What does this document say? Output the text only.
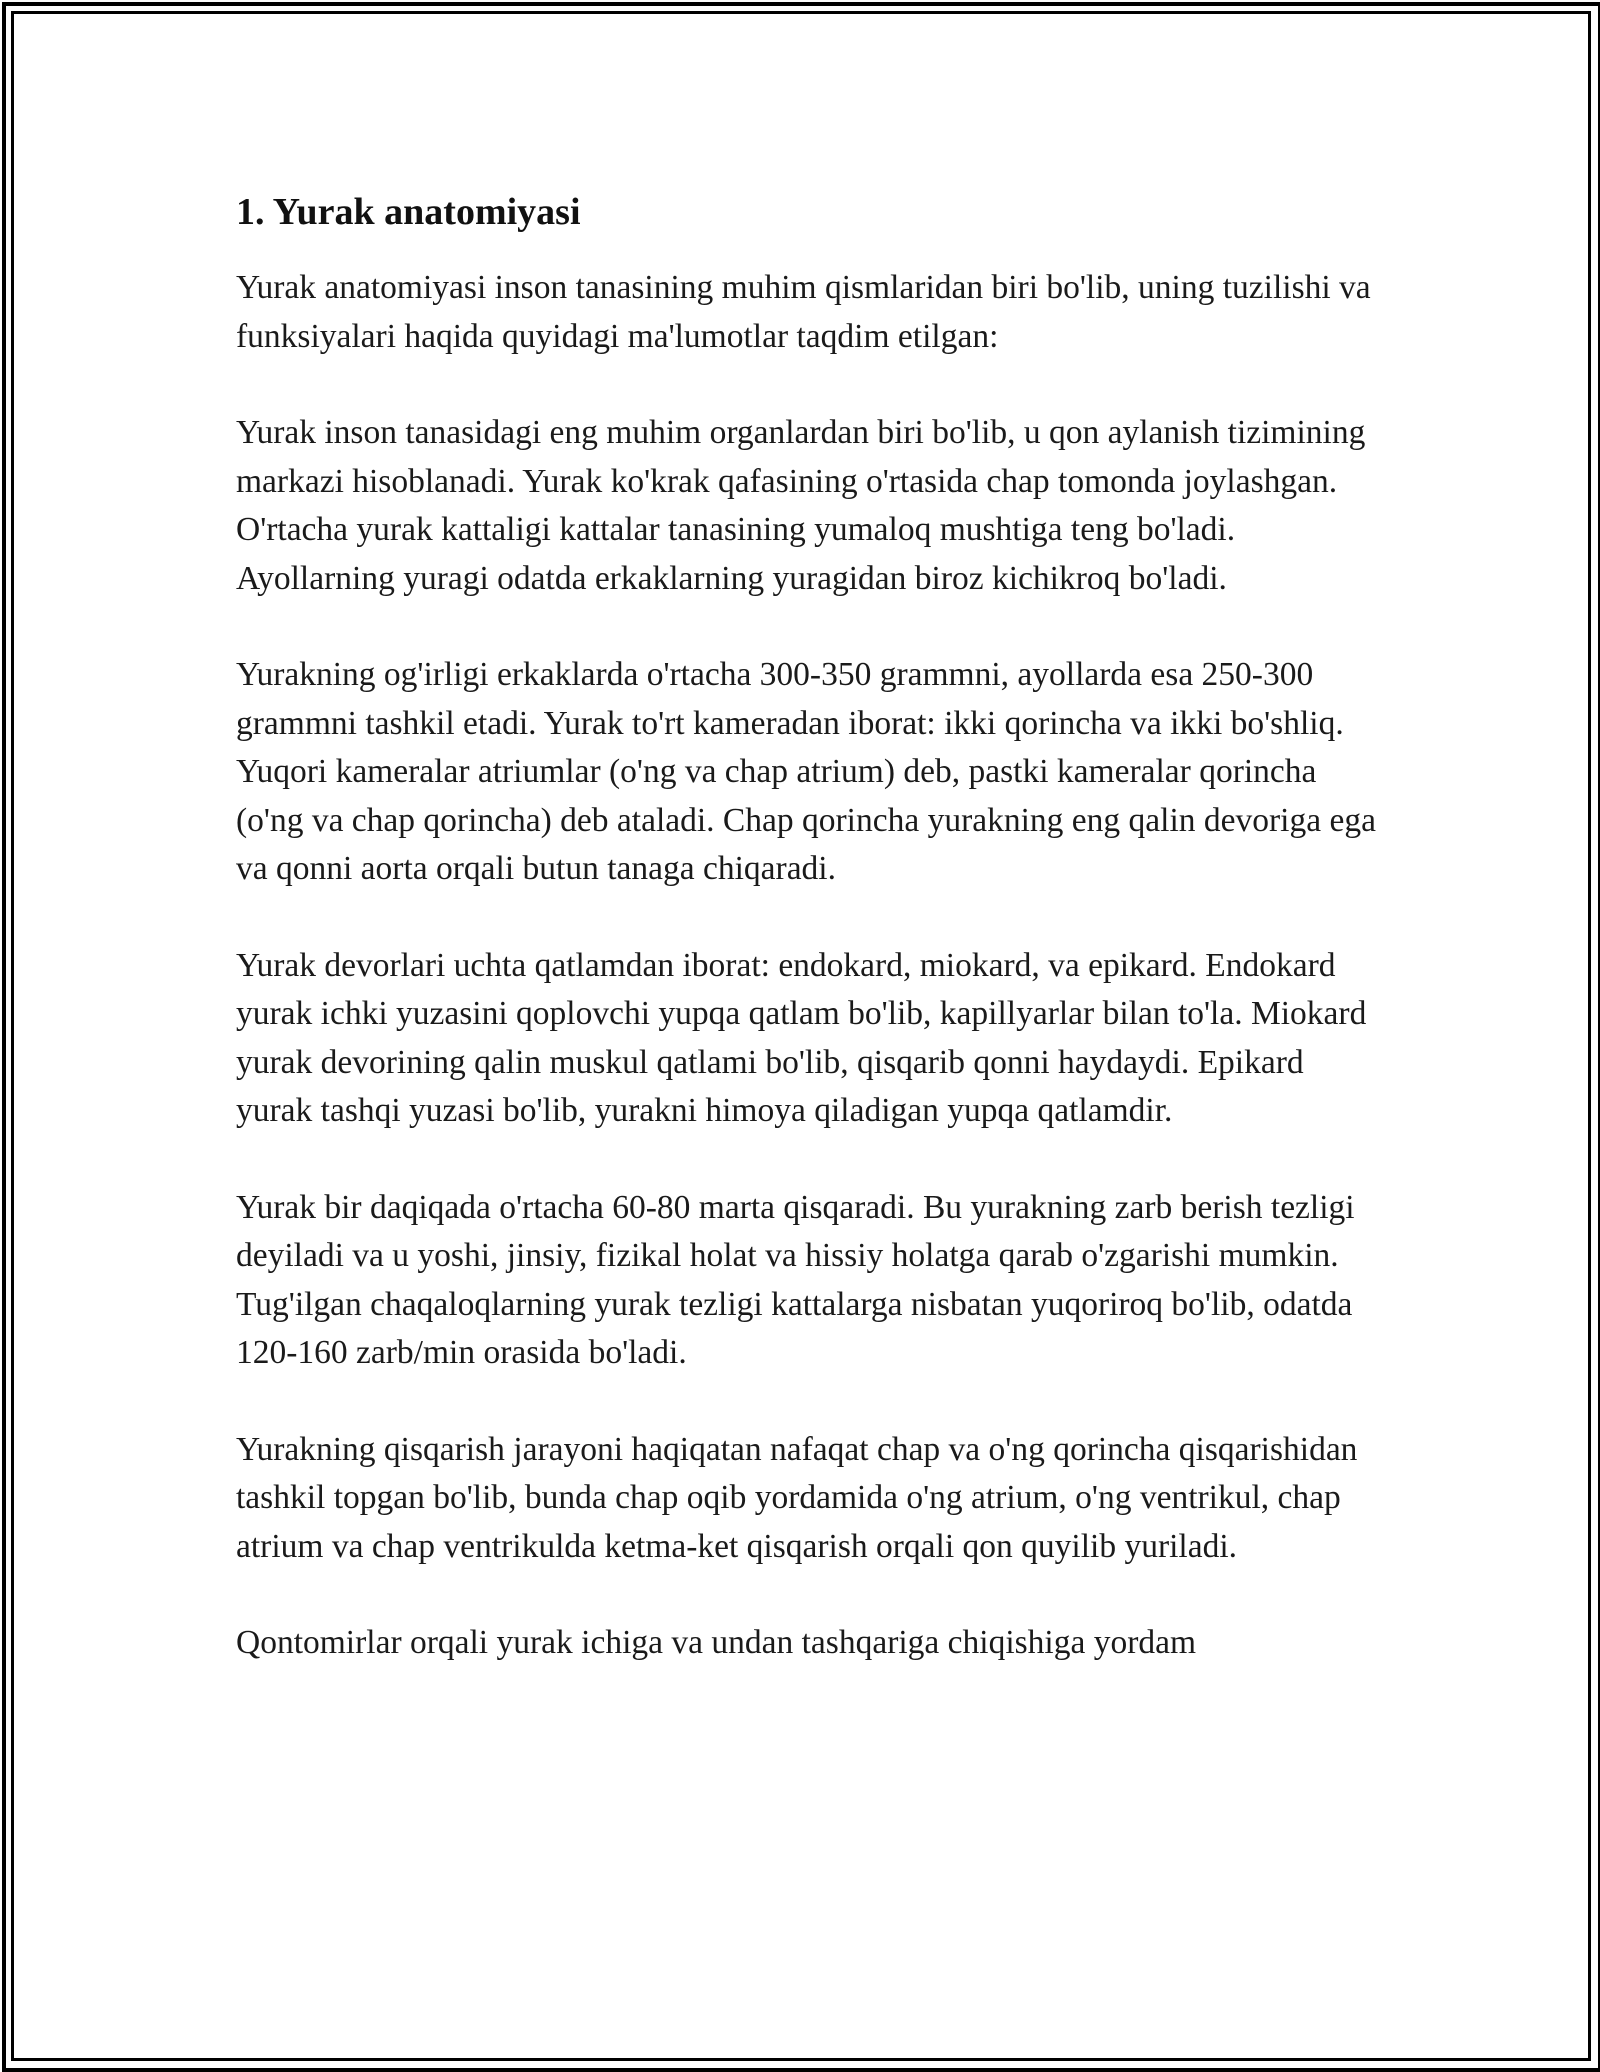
1. Yurak anatomiyasi

Yurak anatomiyasi inson tanasining muhim qismlaridan biri bo'lib, uning tuzilishi va funksiyalari haqida quyidagi ma'lumotlar taqdim etilgan:

Yurak inson tanasidagi eng muhim organlardan biri bo'lib, u qon aylanish tizimining markazi hisoblanadi. Yurak ko'krak qafasining o'rtasida chap tomonda joylashgan. O'rtacha yurak kattaligi kattalar tanasining yumaloq mushtiga teng bo'ladi. Ayollarning yuragi odatda erkaklarning yuragidan biroz kichikroq bo'ladi.

Yurakning og'irligi erkaklarda o'rtacha 300-350 grammni, ayollarda esa 250-300 grammni tashkil etadi. Yurak to'rt kameradan iborat: ikki qorincha va ikki bo'shliq. Yuqori kameralar atriumlar (o'ng va chap atrium) deb, pastki kameralar qorincha (o'ng va chap qorincha) deb ataladi. Chap qorincha yurakning eng qalin devoriga ega va qonni aorta orqali butun tanaga chiqaradi.

Yurak devorlari uchta qatlamdan iborat: endokard, miokard, va epikard. Endokard yurak ichki yuzasini qoplovchi yupqa qatlam bo'lib, kapillyarlar bilan to'la. Miokard yurak devorining qalin muskul qatlami bo'lib, qisqarib qonni haydaydi. Epikard yurak tashqi yuzasi bo'lib, yurakni himoya qiladigan yupqa qatlamdir.

Yurak bir daqiqada o'rtacha 60-80 marta qisqaradi. Bu yurakning zarb berish tezligi deyiladi va u yoshi, jinsiy, fizikal holat va hissiy holatga qarab o'zgarishi mumkin. Tug'ilgan chaqaloqlarning yurak tezligi kattalarga nisbatan yuqoriroq bo'lib, odatda 120-160 zarb/min orasida bo'ladi.

Yurakning qisqarish jarayoni haqiqatan nafaqat chap va o'ng qorincha qisqarishidan tashkil topgan bo'lib, bunda chap oqib yordamida o'ng atrium, o'ng ventrikul, chap atrium va chap ventrikulda ketma-ket qisqarish orqali qon quyilib yuriladi.

Qontomirlar orqali yurak ichiga va undan tashqariga chiqishiga yordam
